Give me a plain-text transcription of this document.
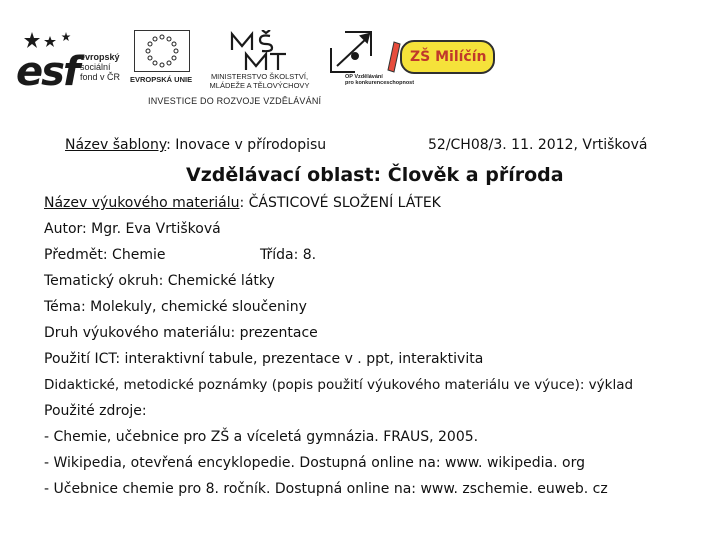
esf evropský
sociální
fond v ČR EVROPSKÁ UNIE	MINISTERSTVO ŠKOLSTVÍ,
MLÁDEŽE A TĚLOVÝCHOVY
OP Vzdělávání
pro konkurenceschopnost
ZŠ Milíčín
INVESTICE DO ROZVOJE VZDĚLÁVÁNÍ
Název šablony: Inovace v přírodopisu	52/CH08/3. 11. 2012, Vrtišková
Vzdělávací oblast: Člověk a příroda
Název výukového materiálu: ČÁSTICOVÉ SLOŽENÍ LÁTEK
Autor: Mgr. Eva Vrtišková
Předmět: Chemie	Třída: 8.
Tematický okruh: Chemické látky
Téma: Molekuly, chemické sloučeniny
Druh výukového materiálu: prezentace
Použití ICT: interaktivní tabule, prezentace v . ppt, interaktivita
Didaktické, metodické poznámky (popis použití výukového materiálu ve výuce): výklad
Použité zdroje:
- Chemie, učebnice pro ZŠ a víceletá gymnázia. FRAUS, 2005.
- Wikipedia, otevřená encyklopedie. Dostupná online na: www. wikipedia. org
- Učebnice chemie pro 8. ročník. Dostupná online na: www. zschemie. euweb. cz
